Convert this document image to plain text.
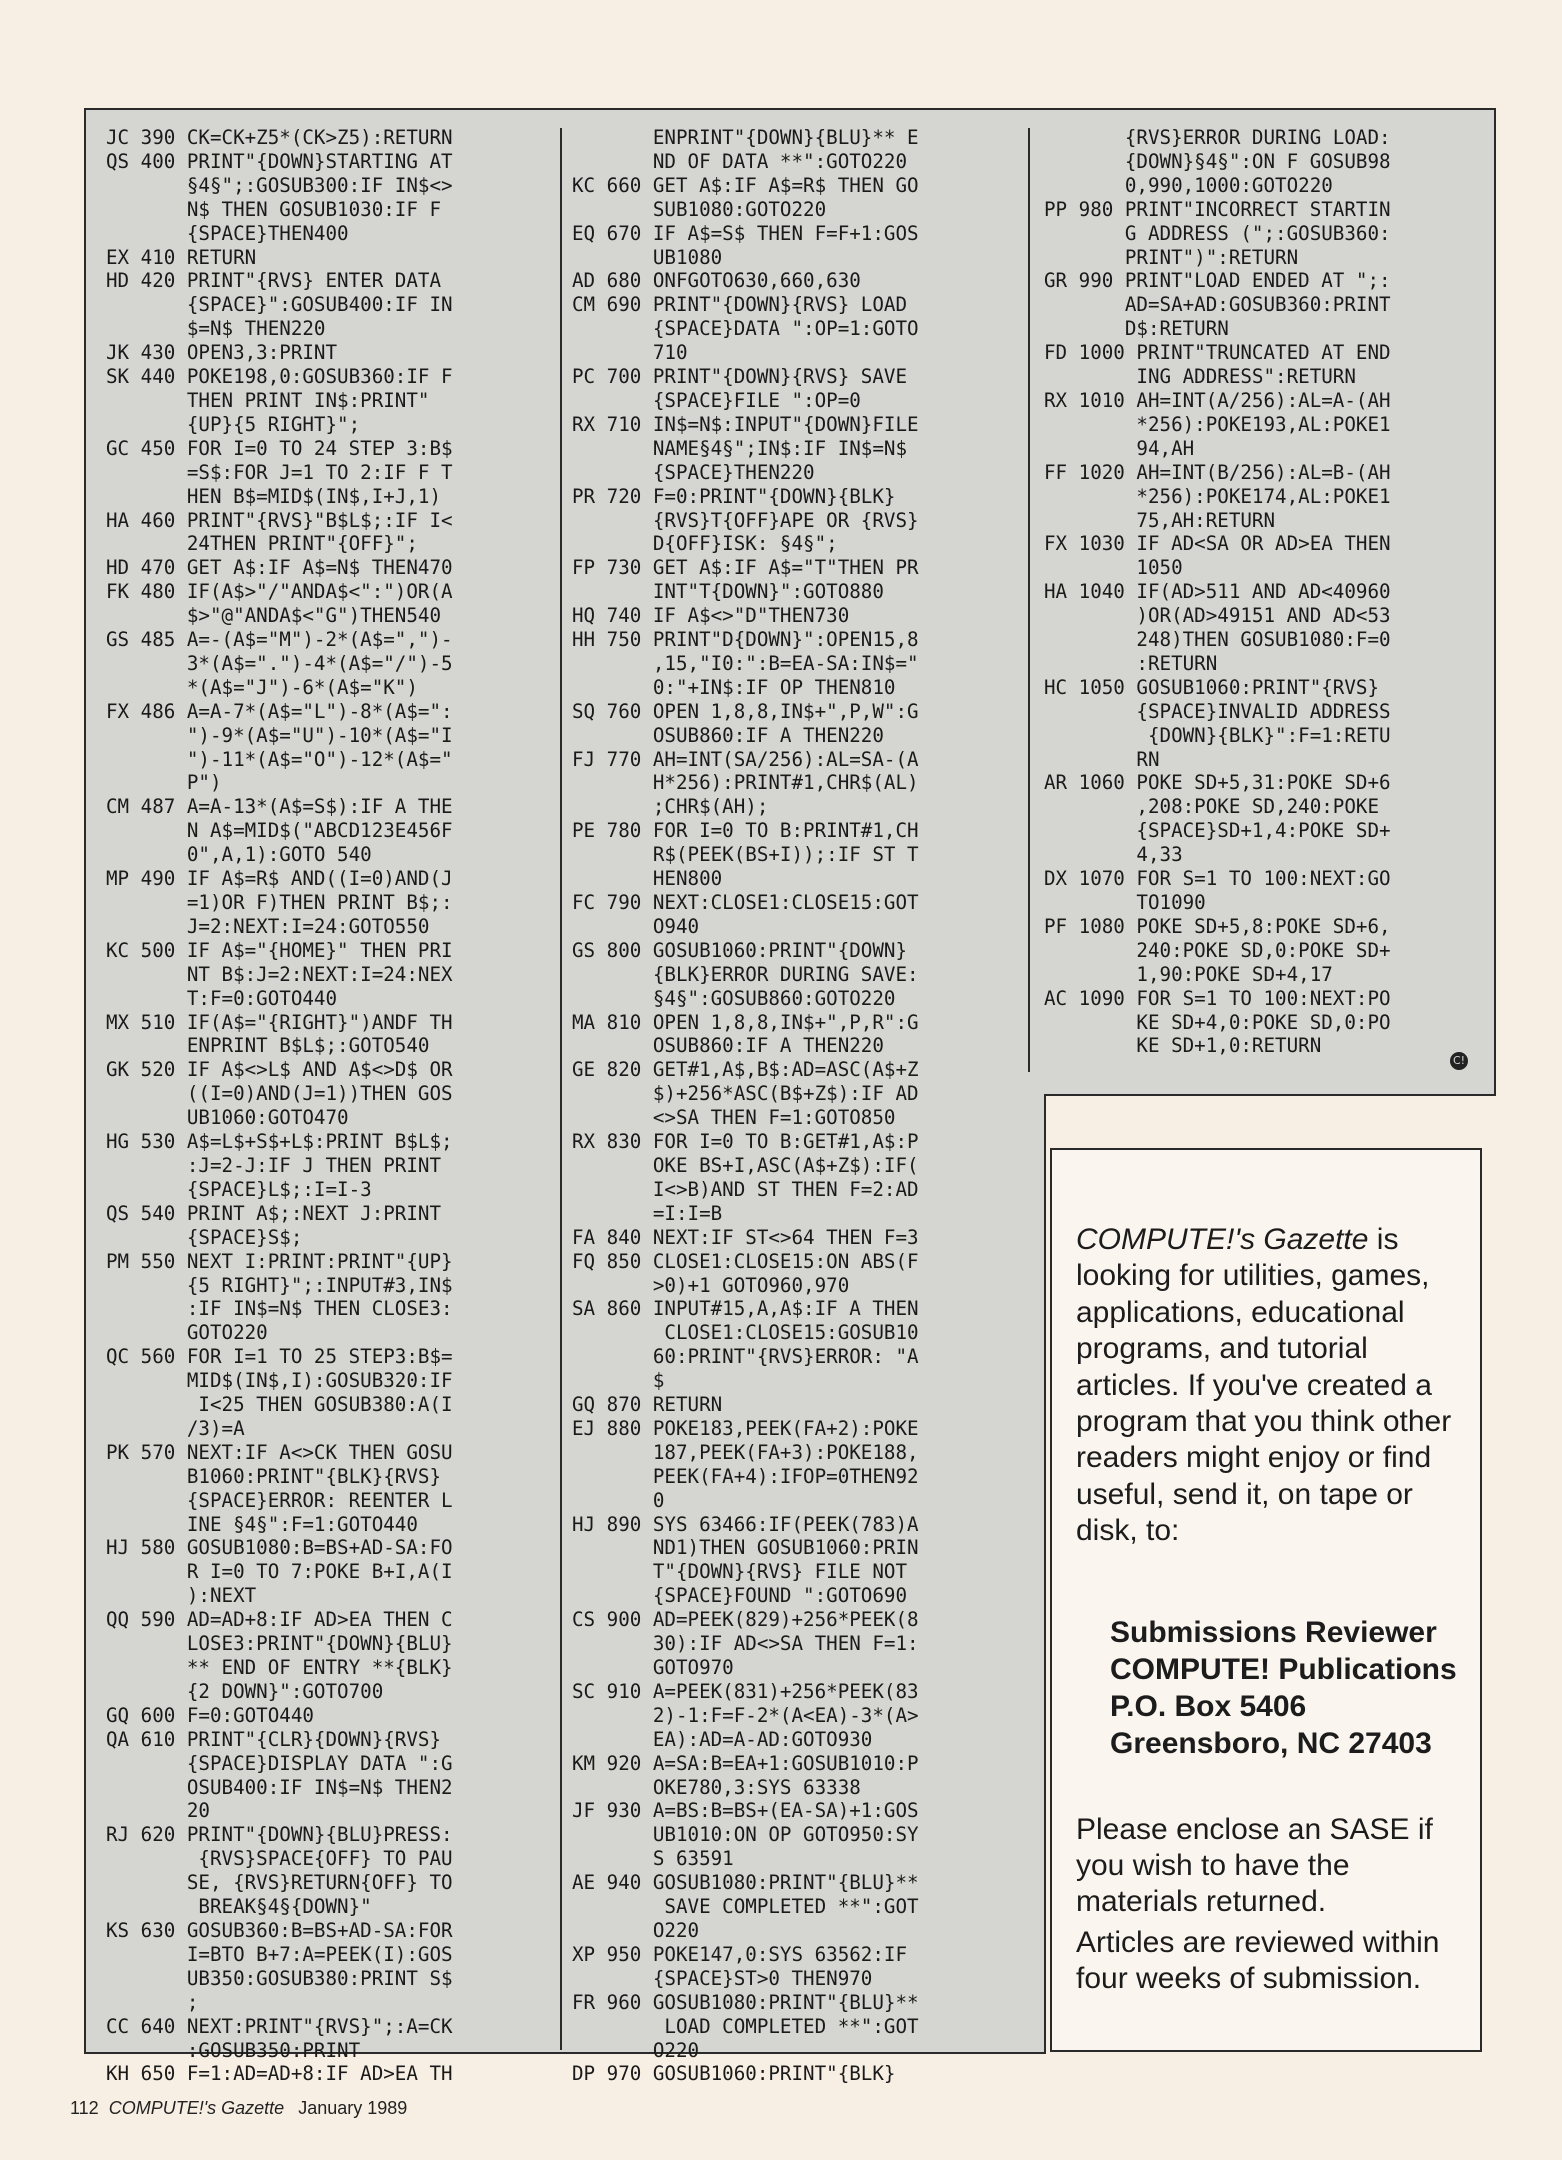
JC 390 CK=CK+Z5*(CK>Z5):RETURN
QS 400 PRINT"{DOWN}STARTING AT
§4§";:GOSUB300:IF IN$<>
N$ THEN GOSUB1030:IF F
{SPACE}THEN400
EX 410 RETURN
HD 420 PRINT"{RVS} ENTER DATA
{SPACE}":GOSUB400:IF IN
$=N$ THEN220
JK 430 OPEN3,3:PRINT
SK 440 POKE198,0:GOSUB360:IF F
THEN PRINT IN$:PRINT"
{UP}{5 RIGHT}";
GC 450 FOR I=0 TO 24 STEP 3:B$
=S$:FOR J=1 TO 2:IF F T
HEN B$=MID$(IN$,I+J,1)
HA 460 PRINT"{RVS}"B$L$;:IF I<
24THEN PRINT"{OFF}";
HD 470 GET A$:IF A$=N$ THEN470
FK 480 IF(A$>"/"ANDA$<":")OR(A
$>"@"ANDA$<"G")THEN540
GS 485 A=-(A$="M")-2*(A$=",")-
3*(A$=".")-4*(A$="/")-5
*(A$="J")-6*(A$="K")
FX 486 A=A-7*(A$="L")-8*(A$=":
")-9*(A$="U")-10*(A$="I
")-11*(A$="O")-12*(A$="
P")
CM 487 A=A-13*(A$=S$):IF A THE
N A$=MID$("ABCD123E456F
0",A,1):GOTO 540
MP 490 IF A$=R$ AND((I=0)AND(J
=1)OR F)THEN PRINT B$;:
J=2:NEXT:I=24:GOTO550
KC 500 IF A$="{HOME}" THEN PRI
NT B$:J=2:NEXT:I=24:NEX
T:F=0:GOTO440
MX 510 IF(A$="{RIGHT}")ANDF TH
ENPRINT B$L$;:GOTO540
GK 520 IF A$<>L$ AND A$<>D$ OR
((I=0)AND(J=1))THEN GOS
UB1060:GOTO470
HG 530 A$=L$+S$+L$:PRINT B$L$;
:J=2-J:IF J THEN PRINT
{SPACE}L$;:I=I-3
QS 540 PRINT A$;:NEXT J:PRINT
{SPACE}S$;
PM 550 NEXT I:PRINT:PRINT"{UP}
{5 RIGHT}";:INPUT#3,IN$
:IF IN$=N$ THEN CLOSE3:
GOTO220
QC 560 FOR I=1 TO 25 STEP3:B$=
MID$(IN$,I):GOSUB320:IF
I<25 THEN GOSUB380:A(I
/3)=A
PK 570 NEXT:IF A<>CK THEN GOSU
B1060:PRINT"{BLK}{RVS}
{SPACE}ERROR: REENTER L
INE §4§":F=1:GOTO440
HJ 580 GOSUB1080:B=BS+AD-SA:FO
R I=0 TO 7:POKE B+I,A(I
):NEXT
QQ 590 AD=AD+8:IF AD>EA THEN C
LOSE3:PRINT"{DOWN}{BLU}
** END OF ENTRY **{BLK}
{2 DOWN}":GOTO700
GQ 600 F=0:GOTO440
QA 610 PRINT"{CLR}{DOWN}{RVS}
{SPACE}DISPLAY DATA ":G
OSUB400:IF IN$=N$ THEN2
20
RJ 620 PRINT"{DOWN}{BLU}PRESS:
{RVS}SPACE{OFF} TO PAU
SE, {RVS}RETURN{OFF} TO
BREAK§4§{DOWN}"
KS 630 GOSUB360:B=BS+AD-SA:FOR
I=BTO B+7:A=PEEK(I):GOS
UB350:GOSUB380:PRINT S$
;
CC 640 NEXT:PRINT"{RVS}";:A=CK
:GOSUB350:PRINT
KH 650 F=1:AD=AD+8:IF AD>EA TH
ENPRINT"{DOWN}{BLU}** E
ND OF DATA **":GOTO220
KC 660 GET A$:IF A$=R$ THEN GO
SUB1080:GOTO220
EQ 670 IF A$=S$ THEN F=F+1:GOS
UB1080
AD 680 ONFGOTO630,660,630
CM 690 PRINT"{DOWN}{RVS} LOAD
{SPACE}DATA ":OP=1:GOTO
710
PC 700 PRINT"{DOWN}{RVS} SAVE
{SPACE}FILE ":OP=0
RX 710 IN$=N$:INPUT"{DOWN}FILE
NAME§4§";IN$:IF IN$=N$
{SPACE}THEN220
PR 720 F=0:PRINT"{DOWN}{BLK}
{RVS}T{OFF}APE OR {RVS}
D{OFF}ISK: §4§";
FP 730 GET A$:IF A$="T"THEN PR
INT"T{DOWN}":GOTO880
HQ 740 IF A$<>"D"THEN730
HH 750 PRINT"D{DOWN}":OPEN15,8
,15,"I0:":B=EA-SA:IN$="
0:"+IN$:IF OP THEN810
SQ 760 OPEN 1,8,8,IN$+",P,W":G
OSUB860:IF A THEN220
FJ 770 AH=INT(SA/256):AL=SA-(A
H*256):PRINT#1,CHR$(AL)
;CHR$(AH);
PE 780 FOR I=0 TO B:PRINT#1,CH
R$(PEEK(BS+I));:IF ST T
HEN800
FC 790 NEXT:CLOSE1:CLOSE15:GOT
O940
GS 800 GOSUB1060:PRINT"{DOWN}
{BLK}ERROR DURING SAVE:
§4§":GOSUB860:GOTO220
MA 810 OPEN 1,8,8,IN$+",P,R":G
OSUB860:IF A THEN220
GE 820 GET#1,A$,B$:AD=ASC(A$+Z
$)+256*ASC(B$+Z$):IF AD
<>SA THEN F=1:GOTO850
RX 830 FOR I=0 TO B:GET#1,A$:P
OKE BS+I,ASC(A$+Z$):IF(
I<>B)AND ST THEN F=2:AD
=I:I=B
FA 840 NEXT:IF ST<>64 THEN F=3
FQ 850 CLOSE1:CLOSE15:ON ABS(F
>0)+1 GOTO960,970
SA 860 INPUT#15,A,A$:IF A THEN
CLOSE1:CLOSE15:GOSUB10
60:PRINT"{RVS}ERROR: "A
$
GQ 870 RETURN
EJ 880 POKE183,PEEK(FA+2):POKE
187,PEEK(FA+3):POKE188,
PEEK(FA+4):IFOP=0THEN92
0
HJ 890 SYS 63466:IF(PEEK(783)A
ND1)THEN GOSUB1060:PRIN
T"{DOWN}{RVS} FILE NOT
{SPACE}FOUND ":GOTO690
CS 900 AD=PEEK(829)+256*PEEK(8
30):IF AD<>SA THEN F=1:
GOTO970
SC 910 A=PEEK(831)+256*PEEK(83
2)-1:F=F-2*(A<EA)-3*(A>
EA):AD=A-AD:GOTO930
KM 920 A=SA:B=EA+1:GOSUB1010:P
OKE780,3:SYS 63338
JF 930 A=BS:B=BS+(EA-SA)+1:GOS
UB1010:ON OP GOTO950:SY
S 63591
AE 940 GOSUB1080:PRINT"{BLU}**
SAVE COMPLETED **":GOT
O220
XP 950 POKE147,0:SYS 63562:IF
{SPACE}ST>0 THEN970
FR 960 GOSUB1080:PRINT"{BLU}**
LOAD COMPLETED **":GOT
O220
DP 970 GOSUB1060:PRINT"{BLK}
{RVS}ERROR DURING LOAD:
{DOWN}§4§":ON F GOSUB98
0,990,1000:GOTO220
PP 980 PRINT"INCORRECT STARTIN
G ADDRESS (";:GOSUB360:
PRINT")":RETURN
GR 990 PRINT"LOAD ENDED AT ";:
AD=SA+AD:GOSUB360:PRINT
D$:RETURN
FD 1000 PRINT"TRUNCATED AT END
ING ADDRESS":RETURN
RX 1010 AH=INT(A/256):AL=A-(AH
*256):POKE193,AL:POKE1
94,AH
FF 1020 AH=INT(B/256):AL=B-(AH
*256):POKE174,AL:POKE1
75,AH:RETURN
FX 1030 IF AD<SA OR AD>EA THEN
1050
HA 1040 IF(AD>511 AND AD<40960
)OR(AD>49151 AND AD<53
248)THEN GOSUB1080:F=0
:RETURN
HC 1050 GOSUB1060:PRINT"{RVS}
{SPACE}INVALID ADDRESS
{DOWN}{BLK}":F=1:RETU
RN
AR 1060 POKE SD+5,31:POKE SD+6
,208:POKE SD,240:POKE
{SPACE}SD+1,4:POKE SD+
4,33
DX 1070 FOR S=1 TO 100:NEXT:GO
TO1090
PF 1080 POKE SD+5,8:POKE SD+6,
240:POKE SD,0:POKE SD+
1,90:POKE SD+4,17
AC 1090 FOR S=1 TO 100:NEXT:PO
KE SD+4,0:POKE SD,0:PO
KE SD+1,0:RETURN
C!

COMPUTE!'s Gazette is looking for utilities, games, applications, educational programs, and tutorial articles. If you've created a program that you think other readers might enjoy or find useful, send it, on tape or disk, to:

Submissions Reviewer
COMPUTE! Publications
P.O. Box 5406
Greensboro, NC 27403

Please enclose an SASE if you wish to have the materials returned.

Articles are reviewed within four weeks of submission.

112 COMPUTE!'s Gazette January 1989
